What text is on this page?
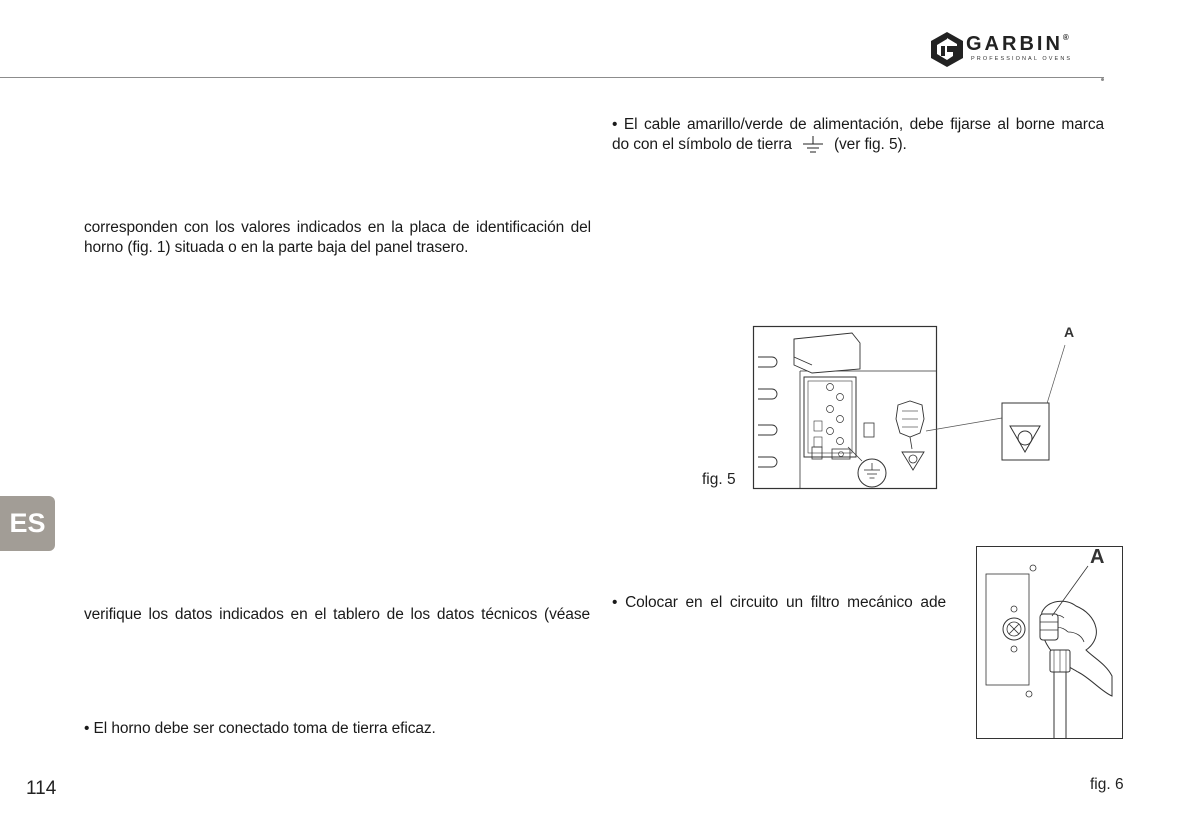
GARBIN®
PROFESSIONAL OVENS
corresponden con los valores indicados en la placa de identificación del
horno (fig. 1) situada o en la parte baja del panel trasero.
verifique los datos indicados en el tablero de los datos técnicos (véase
• El horno debe ser conectado toma de tierra eficaz.
• El cable amarillo/verde de alimentación, debe fijarse al borne marca
do con el símbolo de tierra	(ver fig. 5).
• Colocar en el circuito un filtro mecánico ade
fig. 5
A
A
fig. 6
ES
114
